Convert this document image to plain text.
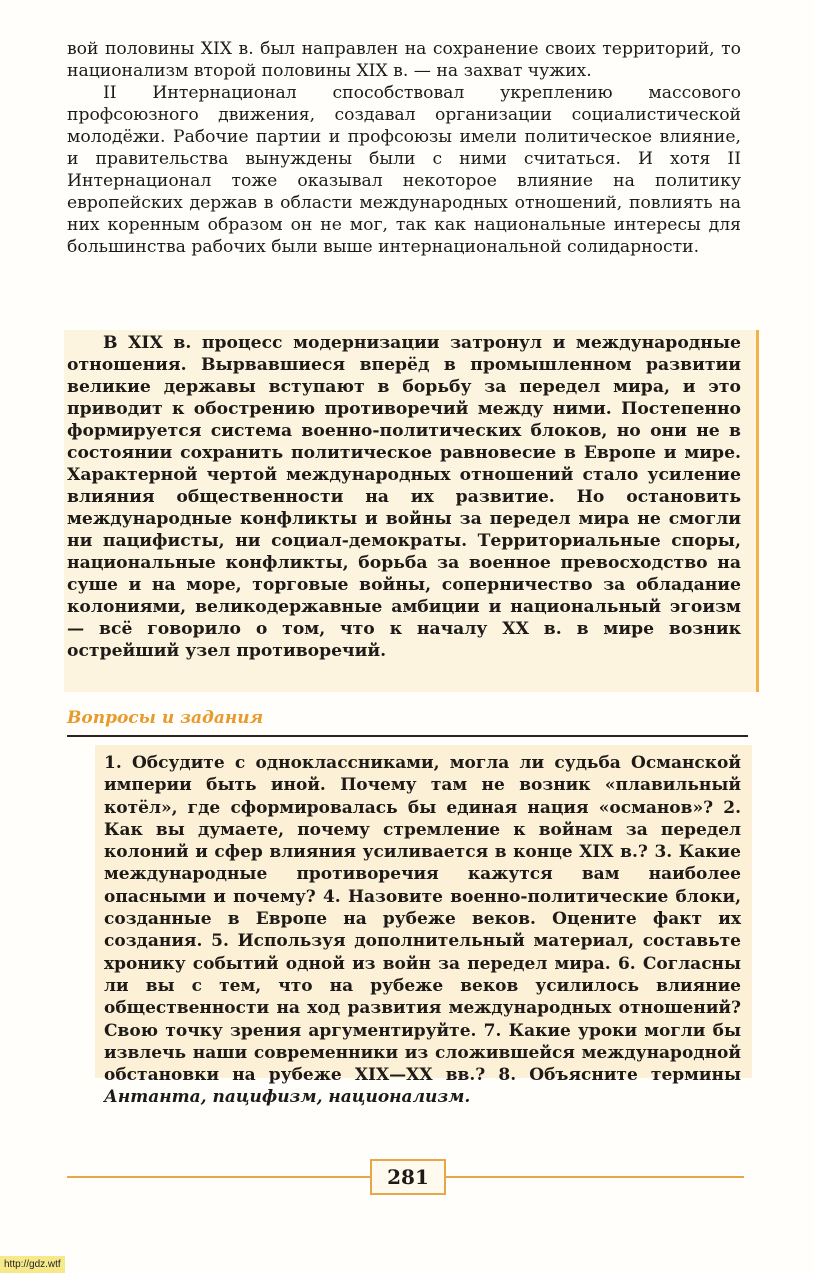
вой половины XIX в. был направлен на сохранение своих территорий, то национализм второй половины XIX в. — на захват чужих.

II Интернационал способствовал укреплению массового профсоюзного движения, создавал организации социалистической молодёжи. Рабочие партии и профсоюзы имели политическое влияние, и правительства вынуждены были с ними считаться. И хотя II Интернационал тоже оказывал некоторое влияние на политику европейских держав в области международных отношений, повлиять на них коренным образом он не мог, так как национальные интересы для большинства рабочих были выше интернациональной солидарности.

В XIX в. процесс модернизации затронул и международные отношения. Вырвавшиеся вперёд в промышленном развитии великие державы вступают в борьбу за передел мира, и это приводит к обострению противоречий между ними. Постепенно формируется система военно-политических блоков, но они не в состоянии сохранить политическое равновесие в Европе и мире. Характерной чертой международных отношений стало усиление влияния общественности на их развитие. Но остановить международные конфликты и войны за передел мира не смогли ни пацифисты, ни социал-демократы. Территориальные споры, национальные конфликты, борьба за военное превосходство на суше и на море, торговые войны, соперничество за обладание колониями, великодержавные амбиции и национальный эгоизм — всё говорило о том, что к началу XX в. в мире возник острейший узел противоречий.

Вопросы и задания
1. Обсудите с одноклассниками, могла ли судьба Османской империи быть иной. Почему там не возник «плавильный котёл», где сформировалась бы единая нация «османов»? 2. Как вы думаете, почему стремление к войнам за передел колоний и сфер влияния усиливается в конце XIX в.? 3. Какие международные противоречия кажутся вам наиболее опасными и почему? 4. Назовите военно-политические блоки, созданные в Европе на рубеже веков. Оцените факт их создания. 5. Используя дополнительный материал, составьте хронику событий одной из войн за передел мира. 6. Согласны ли вы с тем, что на рубеже веков усилилось влияние общественности на ход развития международных отношений? Свою точку зрения аргументируйте. 7. Какие уроки могли бы извлечь наши современники из сложившейся международной обстановки на рубеже XIX—XX вв.? 8. Объясните термины Антанта, пацифизм, национализм.
281
http://gdz.wtf
